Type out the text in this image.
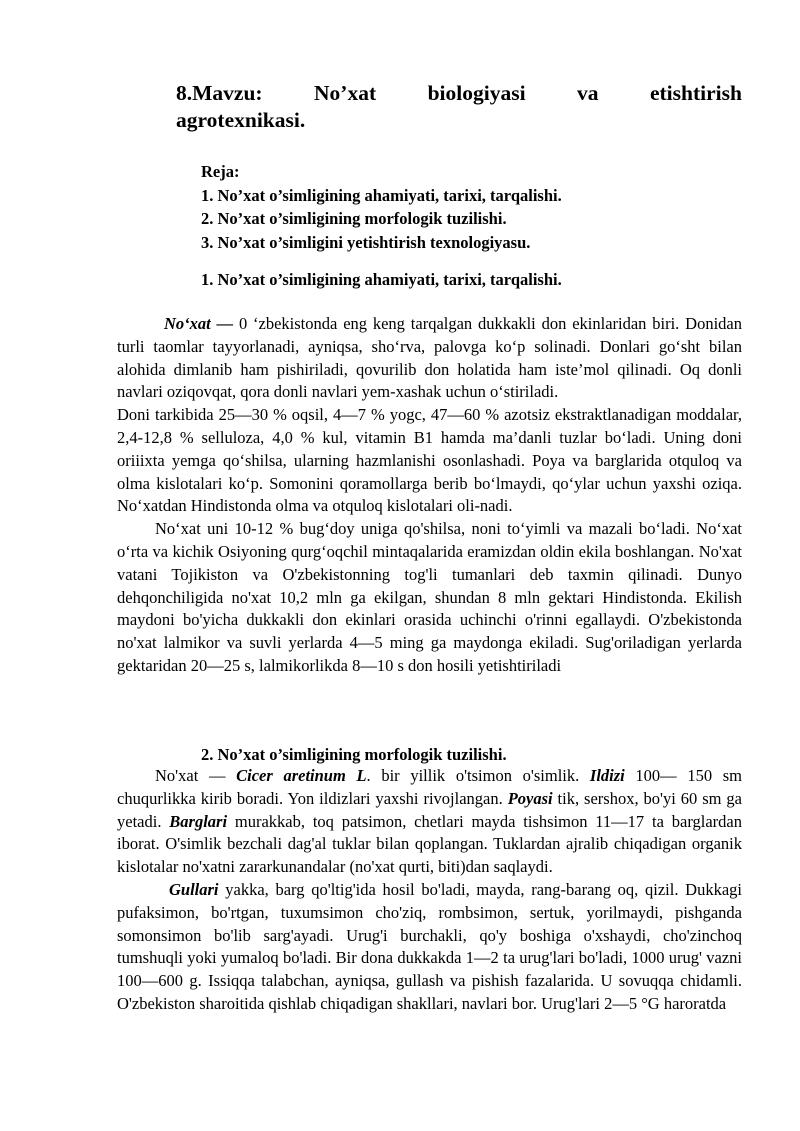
8.Mavzu: No’xat biologiyasi va etishtirish
agrotexnikasi.
Reja:
1. No’xat o’simligining ahamiyati, tarixi, tarqalishi.
2. No’xat o’simligining morfologik tuzilishi.
3. No’xat o’simligini yetishtirish texnologiyasu.
1. No’xat o’simligining ahamiyati, tarixi, tarqalishi.

No‘xat — 0 ‘zbekistonda eng keng tarqalgan dukkakli don ekinlaridan biri. Donidan turli taomlar tayyorlanadi, ayniqsa, sho‘rva, palovga ko‘p solinadi. Donlari go‘sht bilan alohida dimlanib ham pishiriladi, qovurilib don holatida ham iste’mol qilinadi. Oq donli navlari oziqovqat, qora donli navlari yem-xashak uchun o‘stiriladi.

Doni tarkibida 25—30 % oqsil, 4—7 % yogc, 47—60 % azotsiz ekstraktlanadigan moddalar, 2,4-12,8 % selluloza, 4,0 % kul, vitamin B1 hamda ma’danli tuzlar bo‘ladi. Uning doni oriiixta yemga qo‘shilsa, ularning hazmlanishi osonlashadi. Poya va barglarida otquloq va olma kislotalari ko‘p. Somonini qoramollarga berib bo‘lmaydi, qo‘ylar uchun yaxshi oziqa. No‘xatdan Hindistonda olma va otquloq kislotalari oli-nadi.

No‘xat uni 10-12 % bug‘doy uniga qo'shilsa, noni to‘yimli va mazali bo‘ladi. No‘xat o‘rta va kichik Osiyoning qurg‘oqchil mintaqalarida eramizdan oldin ekila boshlangan. No'xat vatani Tojikiston va O'zbekistonning tog'li tumanlari deb taxmin qilinadi. Dunyo dehqonchiligida no'xat 10,2 mln ga ekilgan, shundan 8 mln gektari Hindistonda. Ekilish maydoni bo'yicha dukkakli don ekinlari orasida uchinchi o'rinni egallaydi. O'zbekistonda no'xat lalmikor va suvli yerlarda 4—5 ming ga maydonga ekiladi. Sug'oriladigan yerlarda gektaridan 20—25 s, lalmikorlikda 8—10 s don hosili yetishtiriladi

2. No’xat o’simligining morfologik tuzilishi.

No'xat — Cicer aretinum L. bir yillik o'tsimon o'simlik. Ildizi 100— 150 sm chuqurlikka kirib boradi. Yon ildizlari yaxshi rivojlangan. Poyasi tik, sershox, bo'yi 60 sm ga yetadi. Barglari murakkab, toq patsimon, chetlari mayda tishsimon 11—17 ta barglardan iborat. O'simlik bezchali dag'al tuklar bilan qoplangan. Tuklardan ajralib chiqadigan organik kislotalar no'xatni zararkunandalar (no'xat qurti, biti)dan saqlaydi.

Gullari yakka, barg qo'ltig'ida hosil bo'ladi, mayda, rang-barang oq, qizil. Dukkagi pufaksimon, bo'rtgan, tuxumsimon cho'ziq, rombsimon, sertuk, yorilmaydi, pishganda somonsimon bo'lib sarg'ayadi. Urug'i burchakli, qo'y boshiga o'xshaydi, cho'zinchoq tumshuqli yoki yumaloq bo'ladi. Bir dona dukkakda 1—2 ta urug'lari bo'ladi, 1000 urug' vazni 100—600 g. Issiqqa talabchan, ayniqsa, gullash va pishish fazalarida. U sovuqqa chidamli. O'zbekiston sharoitida qishlab chiqadigan shakllari, navlari bor. Urug'lari 2—5 °G haroratda
